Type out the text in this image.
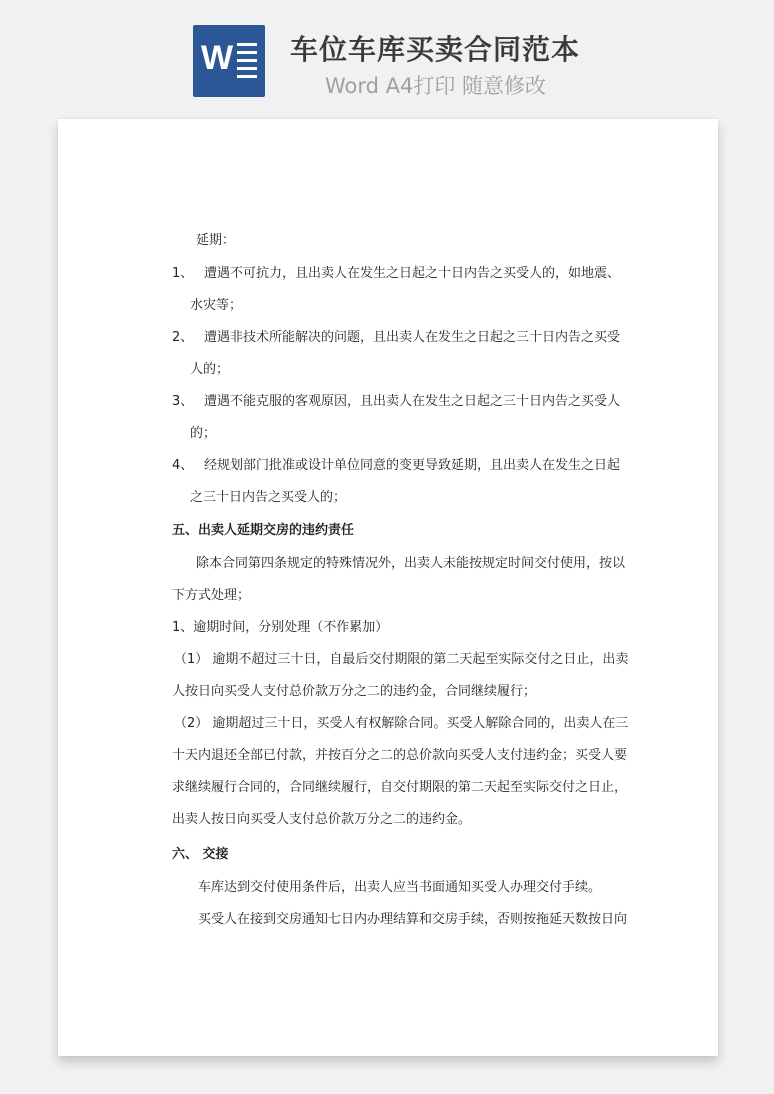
W 车位车库买卖合同范本
Word A4打印 随意修改
延期：
1、 遭遇不可抗力，且出卖人在发生之日起之十日内告之买受人的，如地震、
水灾等；
2、 遭遇非技术所能解决的问题，且出卖人在发生之日起之三十日内告之买受
人的；
3、 遭遇不能克服的客观原因，且出卖人在发生之日起之三十日内告之买受人
的；
4、 经规划部门批准或设计单位同意的变更导致延期，且出卖人在发生之日起
之三十日内告之买受人的；
五、出卖人延期交房的违约责任
除本合同第四条规定的特殊情况外，出卖人未能按规定时间交付使用，按以
下方式处理；
1、逾期时间，分别处理（不作累加）
（1） 逾期不超过三十日，自最后交付期限的第二天起至实际交付之日止，出卖
人按日向买受人支付总价款万分之二的违约金，合同继续履行；
（2） 逾期超过三十日，买受人有权解除合同。买受人解除合同的，出卖人在三
十天内退还全部已付款，并按百分之二的总价款向买受人支付违约金；买受人要
求继续履行合同的，合同继续履行，自交付期限的第二天起至实际交付之日止，
出卖人按日向买受人支付总价款万分之二的违约金。
六、 交接
车库达到交付使用条件后，出卖人应当书面通知买受人办理交付手续。
买受人在接到交房通知七日内办理结算和交房手续，否则按拖延天数按日向
